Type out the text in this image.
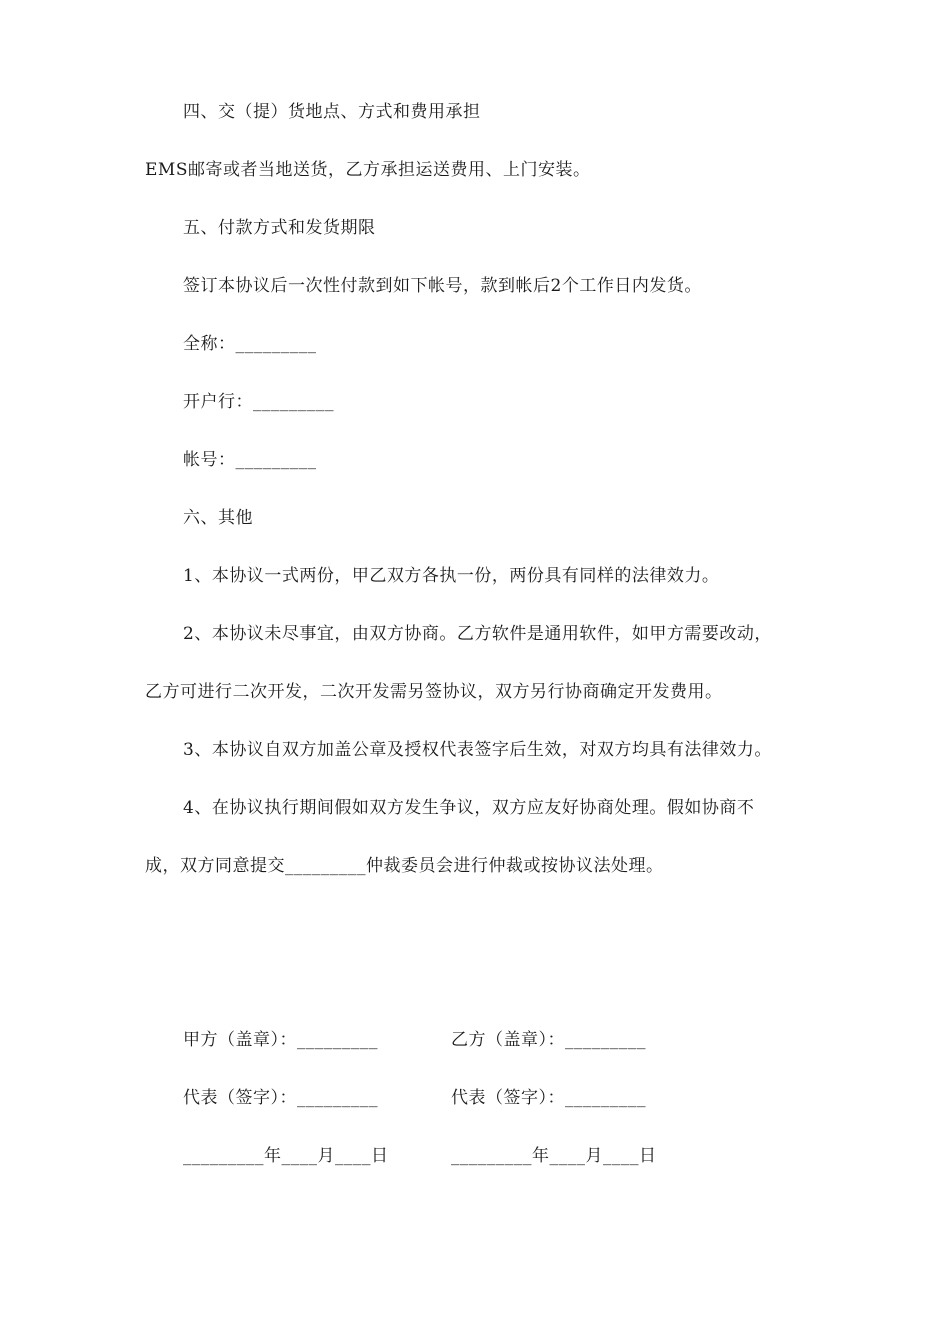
四、交（提）货地点、方式和费用承担
EMS邮寄或者当地送货，乙方承担运送费用、上门安装。
五、付款方式和发货期限
签订本协议后一次性付款到如下帐号，款到帐后2个工作日内发货。
全称：_________
开户行：_________
帐号：_________
六、其他
1、本协议一式两份，甲乙双方各执一份，两份具有同样的法律效力。
2、本协议未尽事宜，由双方协商。乙方软件是通用软件，如甲方需要改动，
乙方可进行二次开发，二次开发需另签协议，双方另行协商确定开发费用。
3、本协议自双方加盖公章及授权代表签字后生效，对双方均具有法律效力。
4、在协议执行期间假如双方发生争议，双方应友好协商处理。假如协商不
成，双方同意提交_________仲裁委员会进行仲裁或按协议法处理。
甲方（盖章）：_________	乙方（盖章）：_________
代表（签字）：_________	代表（签字）：_________
_________年____月____日	_________年____月____日
